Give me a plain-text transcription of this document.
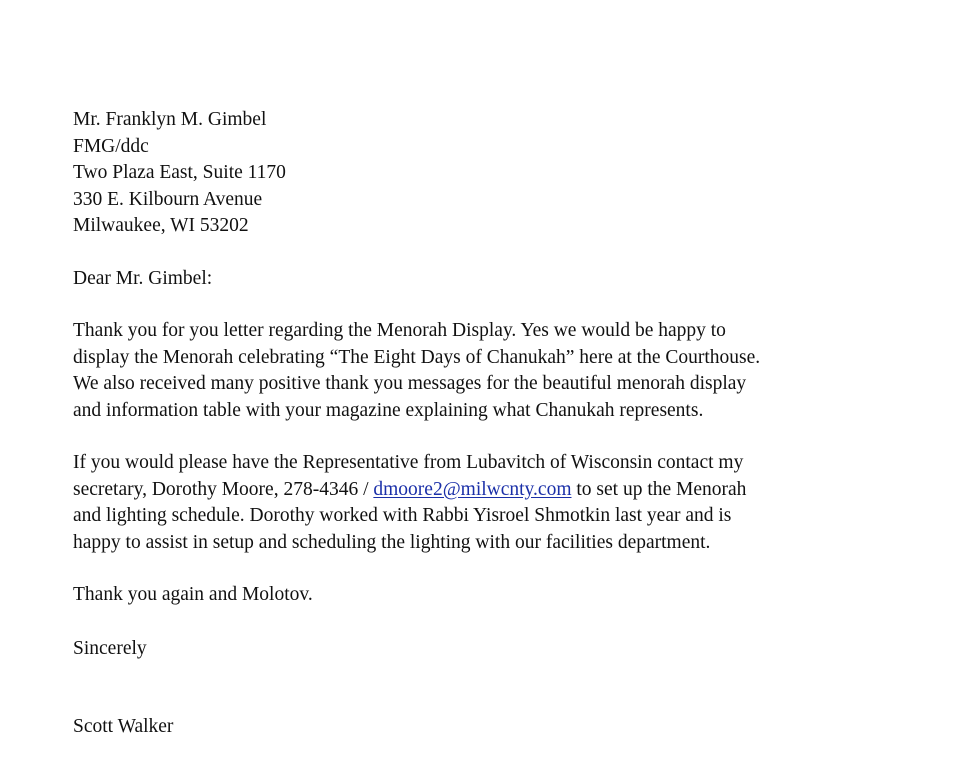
Mr. Franklyn M. Gimbel
FMG/ddc
Two Plaza East, Suite 1170
330 E. Kilbourn Avenue
Milwaukee, WI 53202
Dear Mr. Gimbel:
Thank you for you letter regarding the Menorah Display. Yes we would be happy to
display the Menorah celebrating “The Eight Days of Chanukah” here at the Courthouse.
We also received many positive thank you messages for the beautiful menorah display
and information table with your magazine explaining what Chanukah represents.
If you would please have the Representative from Lubavitch of Wisconsin contact my
secretary, Dorothy Moore, 278-4346 / dmoore2@milwcnty.com to set up the Menorah
and lighting schedule. Dorothy worked with Rabbi Yisroel Shmotkin last year and is
happy to assist in setup and scheduling the lighting with our facilities department.
Thank you again and Molotov.
Sincerely
Scott Walker
